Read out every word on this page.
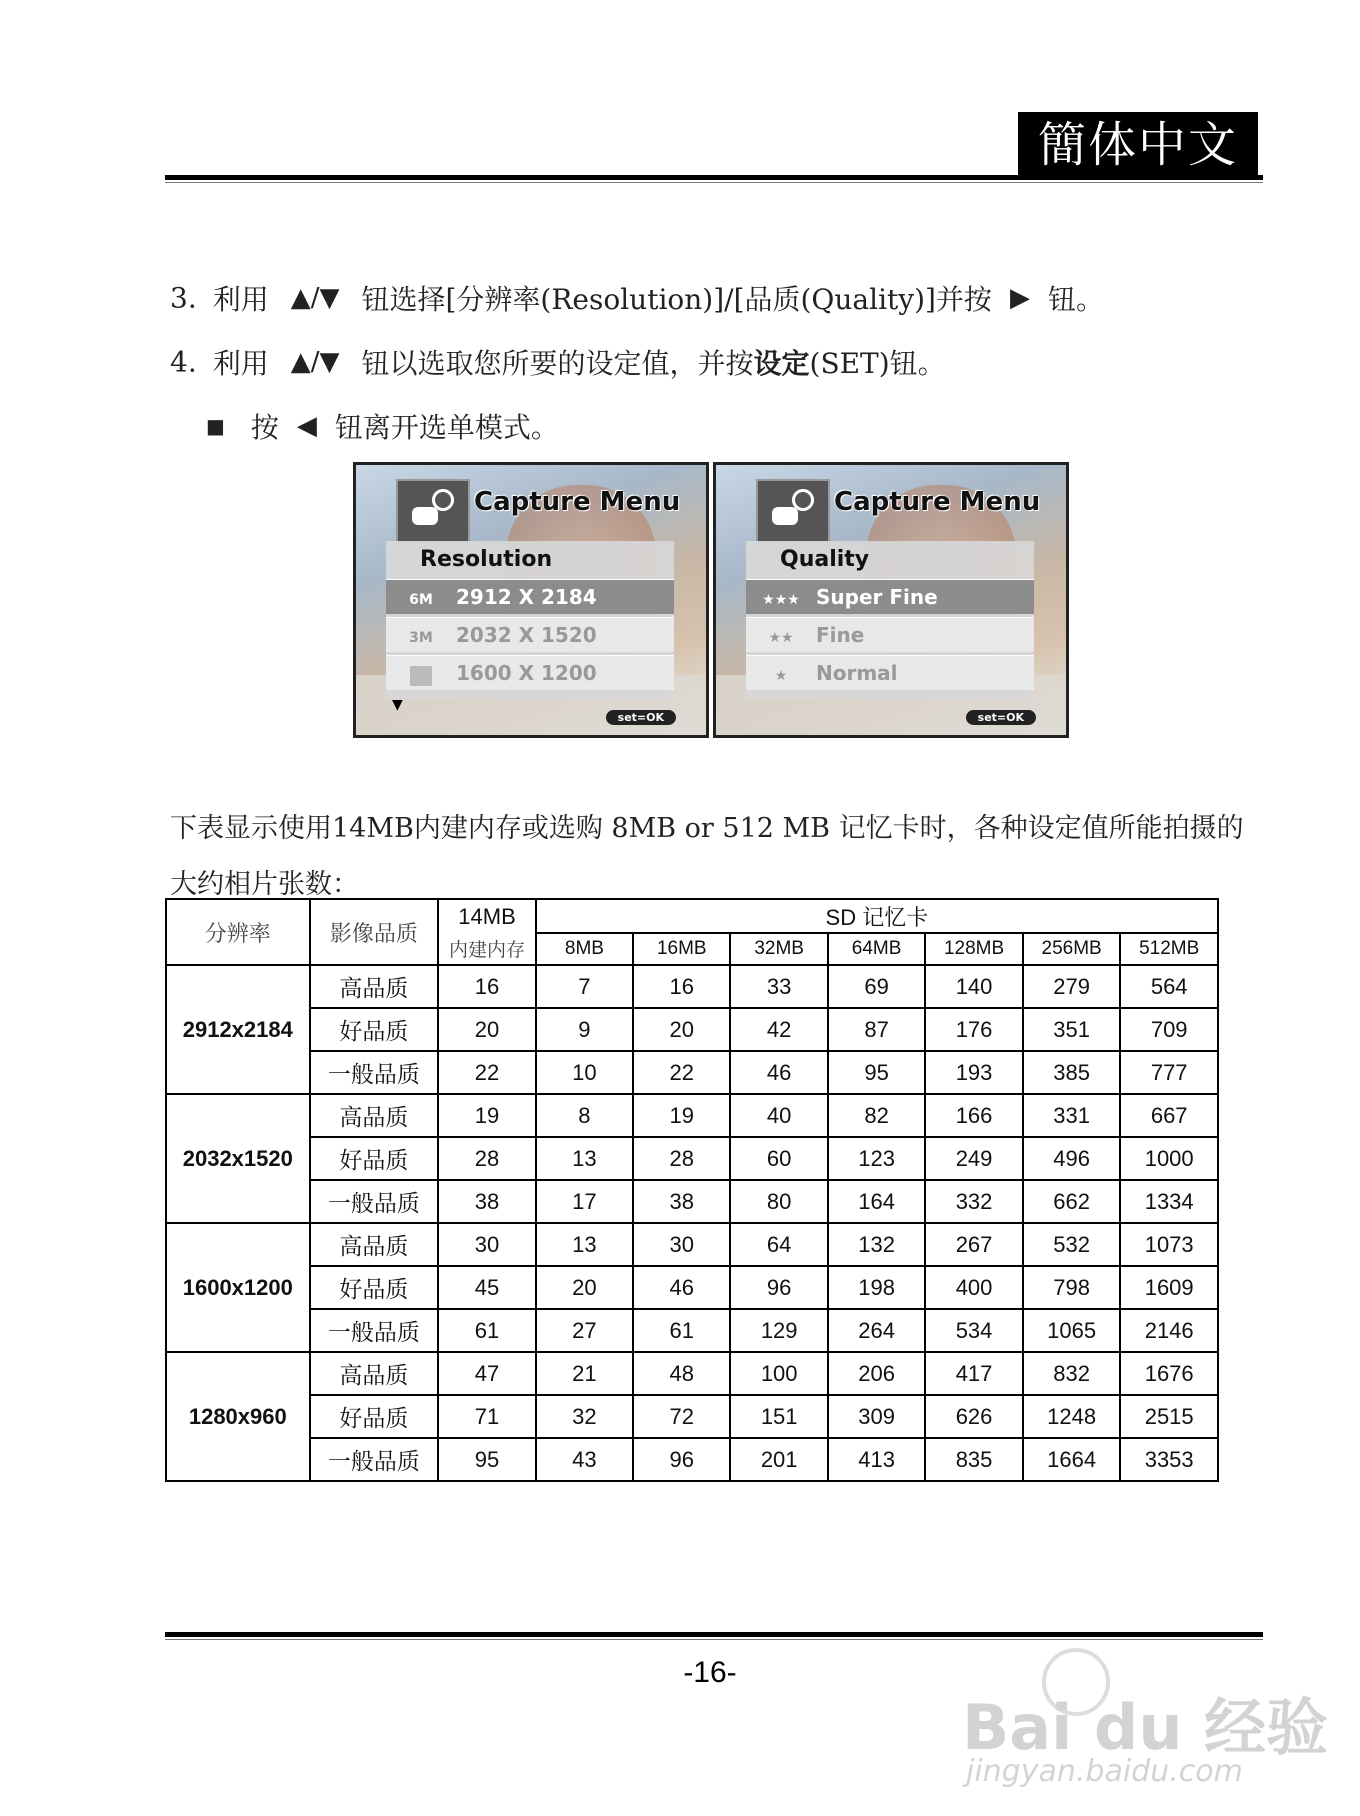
簡体中文
3. 利用 ▲/▼ 钮选择[分辨率(Resolution)]/[品质(Quality)]并按 ▶ 钮。
4. 利用 ▲/▼ 钮以选取您所要的设定值，并按设定(SET)钮。
■ 按 ◀ 钮离开选单模式。
Capture Menu
Resolution
6M 2912 X 2184
3M 2032 X 1520
1600 X 1200
▼
set=OK
Capture Menu
Quality
★★★ Super Fine
★★ Fine
★ Normal
set=OK
下表显示使用14MB内建内存或选购 8MB or 512 MB 记忆卡时，各种设定值所能拍摄的
大约相片张数：
分辨率	影像品质	14MB	SD 记忆卡						
		内建内存	8MB	16MB	32MB	64MB	128MB	256MB	512MB
2912x2184	高品质	16	7	16	33	69	140	279	564
	好品质	20	9	20	42	87	176	351	709
	一般品质	22	10	22	46	95	193	385	777
2032x1520	高品质	19	8	19	40	82	166	331	667
	好品质	28	13	28	60	123	249	496	1000
	一般品质	38	17	38	80	164	332	662	1334
1600x1200	高品质	30	13	30	64	132	267	532	1073
	好品质	45	20	46	96	198	400	798	1609
	一般品质	61	27	61	129	264	534	1065	2146
1280x960	高品质	47	21	48	100	206	417	832	1676
	好品质	71	32	72	151	309	626	1248	2515
	一般品质	95	43	96	201	413	835	1664	3353
-16-
Bai du 经验
jingyan.baidu.com
